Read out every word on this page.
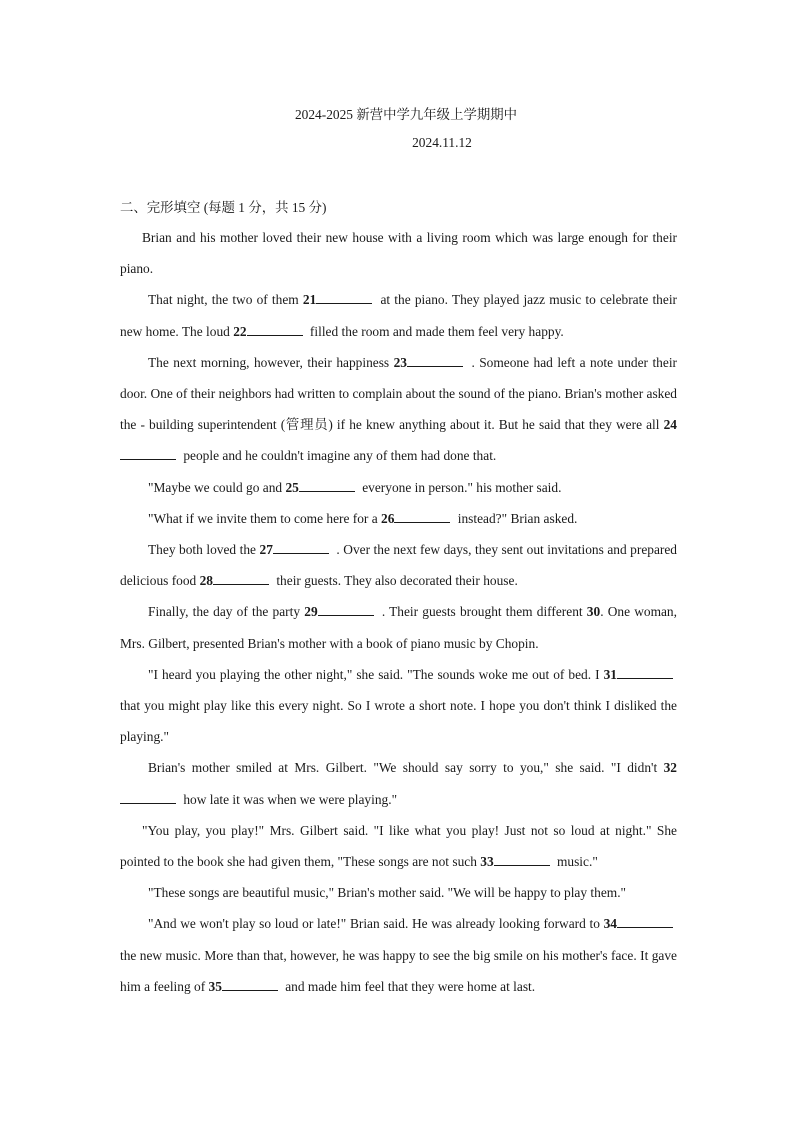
2024-2025 新营中学九年级上学期期中
2024.11.12
二、完形填空 (每题 1 分，共 15 分)

Brian and his mother loved their new house with a living room which was large enough for their piano.

That night, the two of them 21	at the piano. They played jazz music to celebrate their new home. The loud 22	filled the room and made them feel very happy.

The next morning, however, their happiness 23	. Someone had left a note under their door. One of their neighbors had written to complain about the sound of the piano. Brian's mother asked the - building superintendent (管理员) if he knew anything about it. But he said that they were all 24 people and he couldn't imagine any of them had done that.

"Maybe we could go and 25	everyone in person." his mother said.

"What if we invite them to come here for a 26	instead?" Brian asked.

They both loved the 27	. Over the next few days, they sent out invitations and prepared delicious food 28	their guests. They also decorated their house.

Finally, the day of the party 29	. Their guests brought them different 30. One woman, Mrs. Gilbert, presented Brian's mother with a book of piano music by Chopin.

"I heard you playing the other night," she said. "The sounds woke me out of bed. I 31 that you might play like this every night. So I wrote a short note. I hope you don't think I disliked the playing."

Brian's mother smiled at Mrs. Gilbert. "We should say sorry to you," she said. "I didn't 32  how late it was when we were playing."

"You play, you play!" Mrs. Gilbert said. "I like what you play! Just not so loud at night." She pointed to the book she had given them, "These songs are not such 33	music."

"These songs are beautiful music," Brian's mother said. "We will be happy to play them."

"And we won't play so loud or late!" Brian said. He was already looking forward to 34 the new music. More than that, however, he was happy to see the big smile on his mother's face. It gave him a feeling of 35	and made him feel that they were home at last.
